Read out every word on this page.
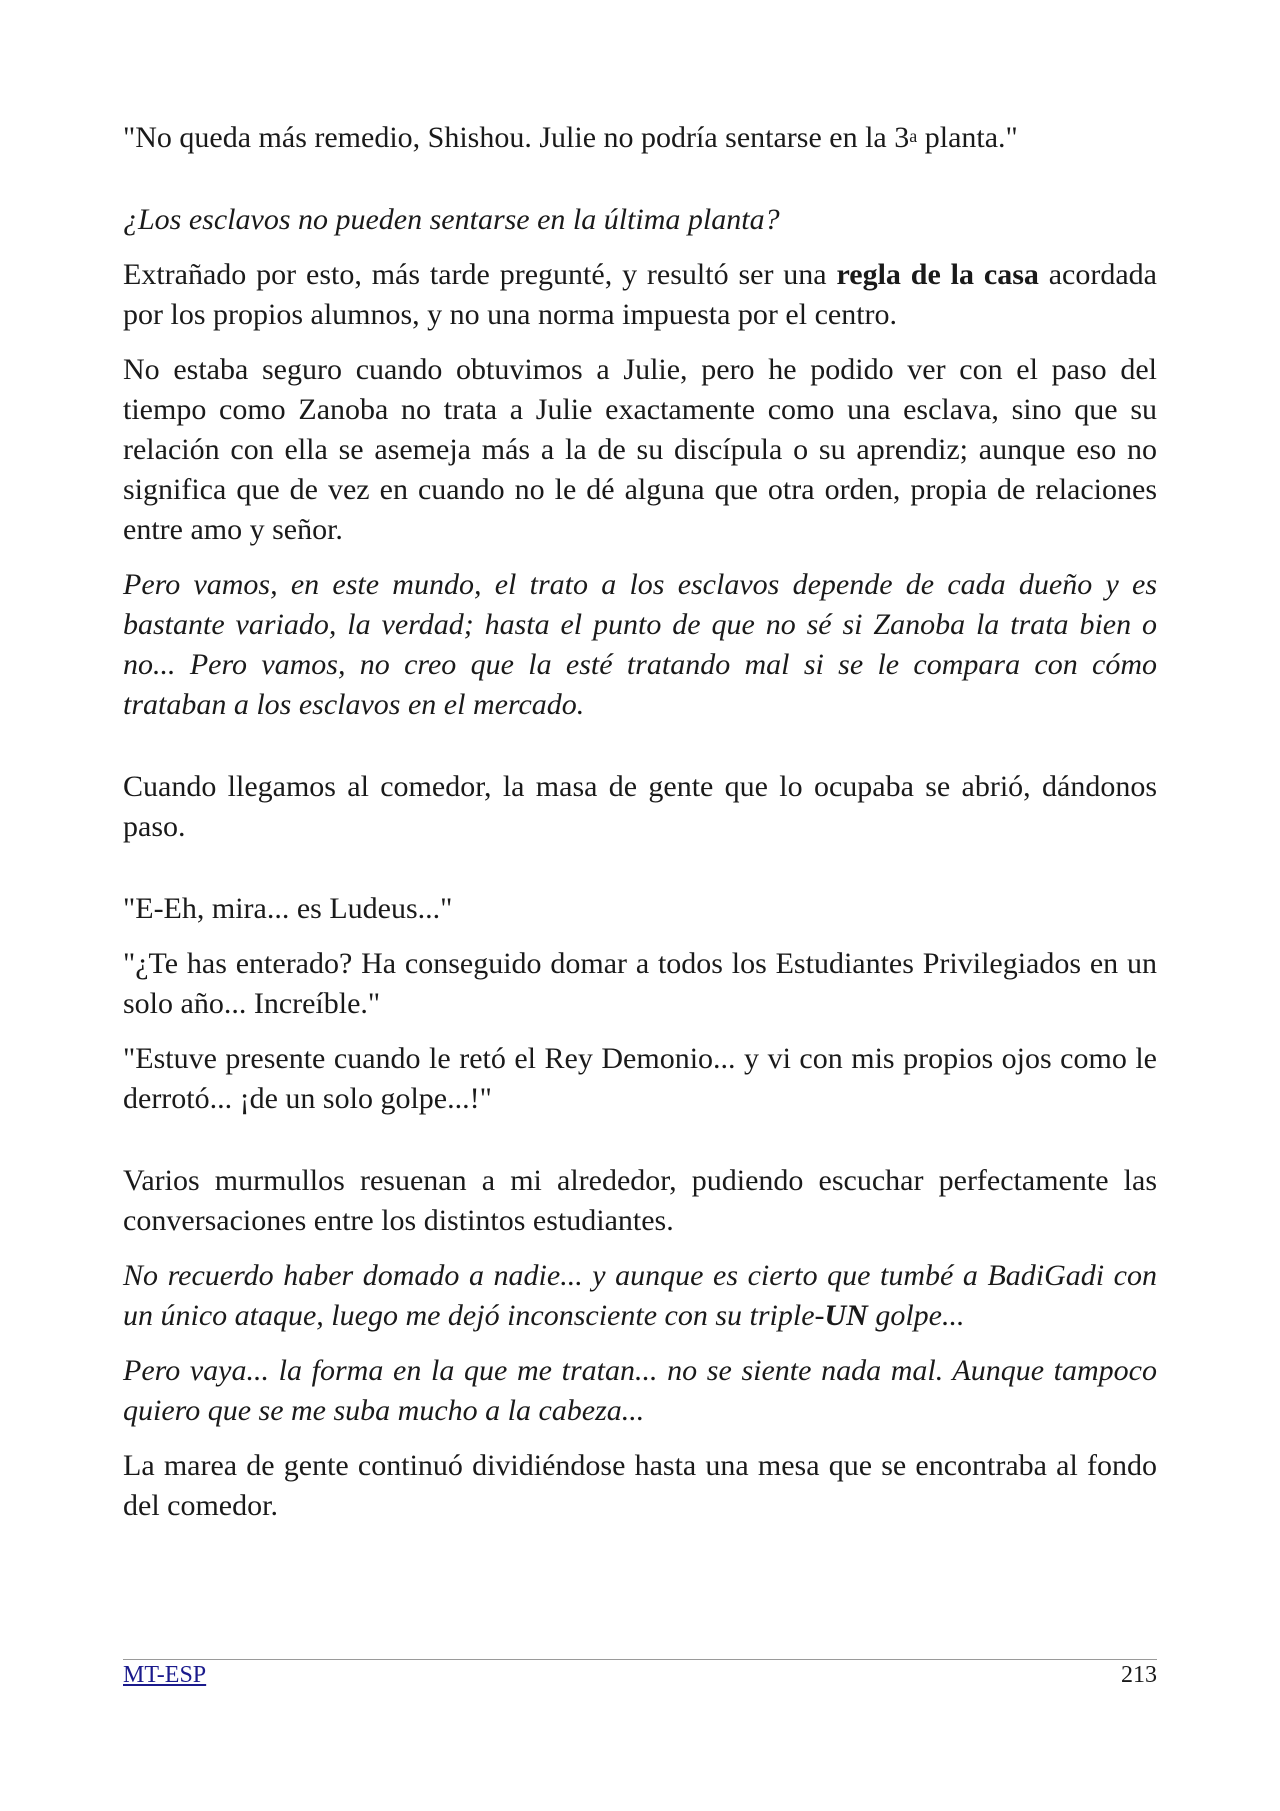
"No queda más remedio, Shishou. Julie no podría sentarse en la 3$^a$ planta."

¿Los esclavos no pueden sentarse en la última planta?

Extrañado por esto, más tarde pregunté, y resultó ser una regla de la casa acordada por los propios alumnos, y no una norma impuesta por el centro.

No estaba seguro cuando obtuvimos a Julie, pero he podido ver con el paso del tiempo como Zanoba no trata a Julie exactamente como una esclava, sino que su relación con ella se asemeja más a la de su discípula o su aprendiz; aunque eso no significa que de vez en cuando no le dé alguna que otra orden, propia de relaciones entre amo y señor.

Pero vamos, en este mundo, el trato a los esclavos depende de cada dueño y es bastante variado, la verdad; hasta el punto de que no sé si Zanoba la trata bien o no... Pero vamos, no creo que la esté tratando mal si se le compara con cómo trataban a los esclavos en el mercado.

Cuando llegamos al comedor, la masa de gente que lo ocupaba se abrió, dándonos paso.

"E-Eh, mira... es Ludeus..."

"¿Te has enterado? Ha conseguido domar a todos los Estudiantes Privilegiados en un solo año... Increíble."

"Estuve presente cuando le retó el Rey Demonio... y vi con mis propios ojos como le derrotó... ¡de un solo golpe...!"

Varios murmullos resuenan a mi alrededor, pudiendo escuchar perfectamente las conversaciones entre los distintos estudiantes.

No recuerdo haber domado a nadie... y aunque es cierto que tumbé a BadiGadi con un único ataque, luego me dejó inconsciente con su triple-UN golpe...

Pero vaya... la forma en la que me tratan... no se siente nada mal. Aunque tampoco quiero que se me suba mucho a la cabeza...

La marea de gente continuó dividiéndose hasta una mesa que se encontraba al fondo del comedor.

MT-ESP	213
